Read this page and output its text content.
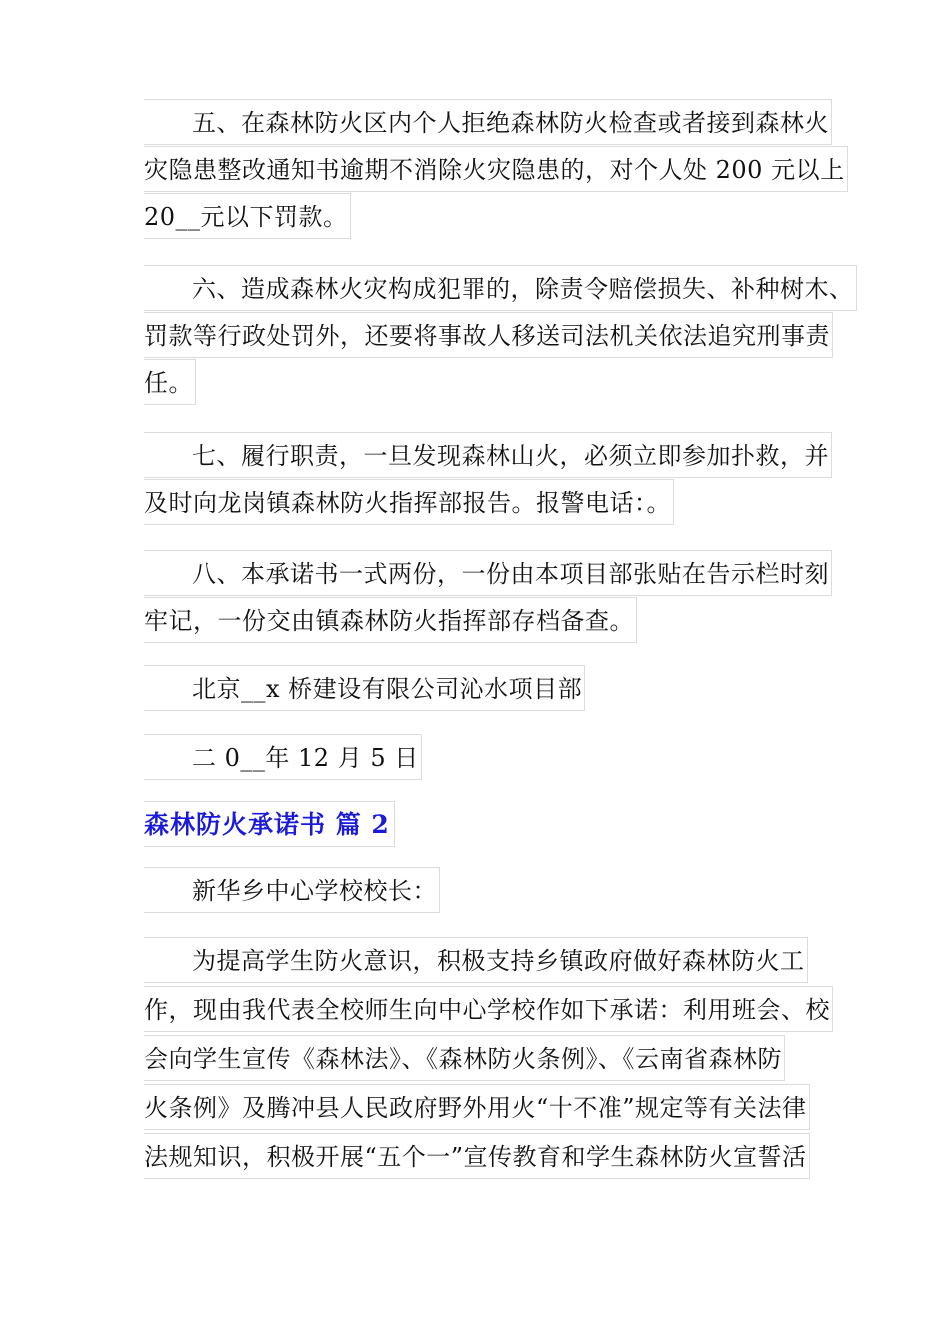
五、在森林防火区内个人拒绝森林防火检查或者接到森林火
灾隐患整改通知书逾期不消除火灾隐患的，对个人处 200 元以上
20__元以下罚款。
六、造成森林火灾构成犯罪的，除责令赔偿损失、补种树木、
罚款等行政处罚外，还要将事故人移送司法机关依法追究刑事责
任。
七、履行职责，一旦发现森林山火，必须立即参加扑救，并
及时向龙岗镇森林防火指挥部报告。报警电话：。
八、本承诺书一式两份，一份由本项目部张贴在告示栏时刻
牢记，一份交由镇森林防火指挥部存档备查。
北京__x 桥建设有限公司沁水项目部
二 0__年 12 月 5 日
森林防火承诺书 篇 2
新华乡中心学校校长：
为提高学生防火意识，积极支持乡镇政府做好森林防火工
作，现由我代表全校师生向中心学校作如下承诺：利用班会、校
会向学生宣传《森林法》、《森林防火条例》、《云南省森林防
火条例》及腾冲县人民政府野外用火“十不准”规定等有关法律
法规知识，积极开展“五个一”宣传教育和学生森林防火宣誓活
